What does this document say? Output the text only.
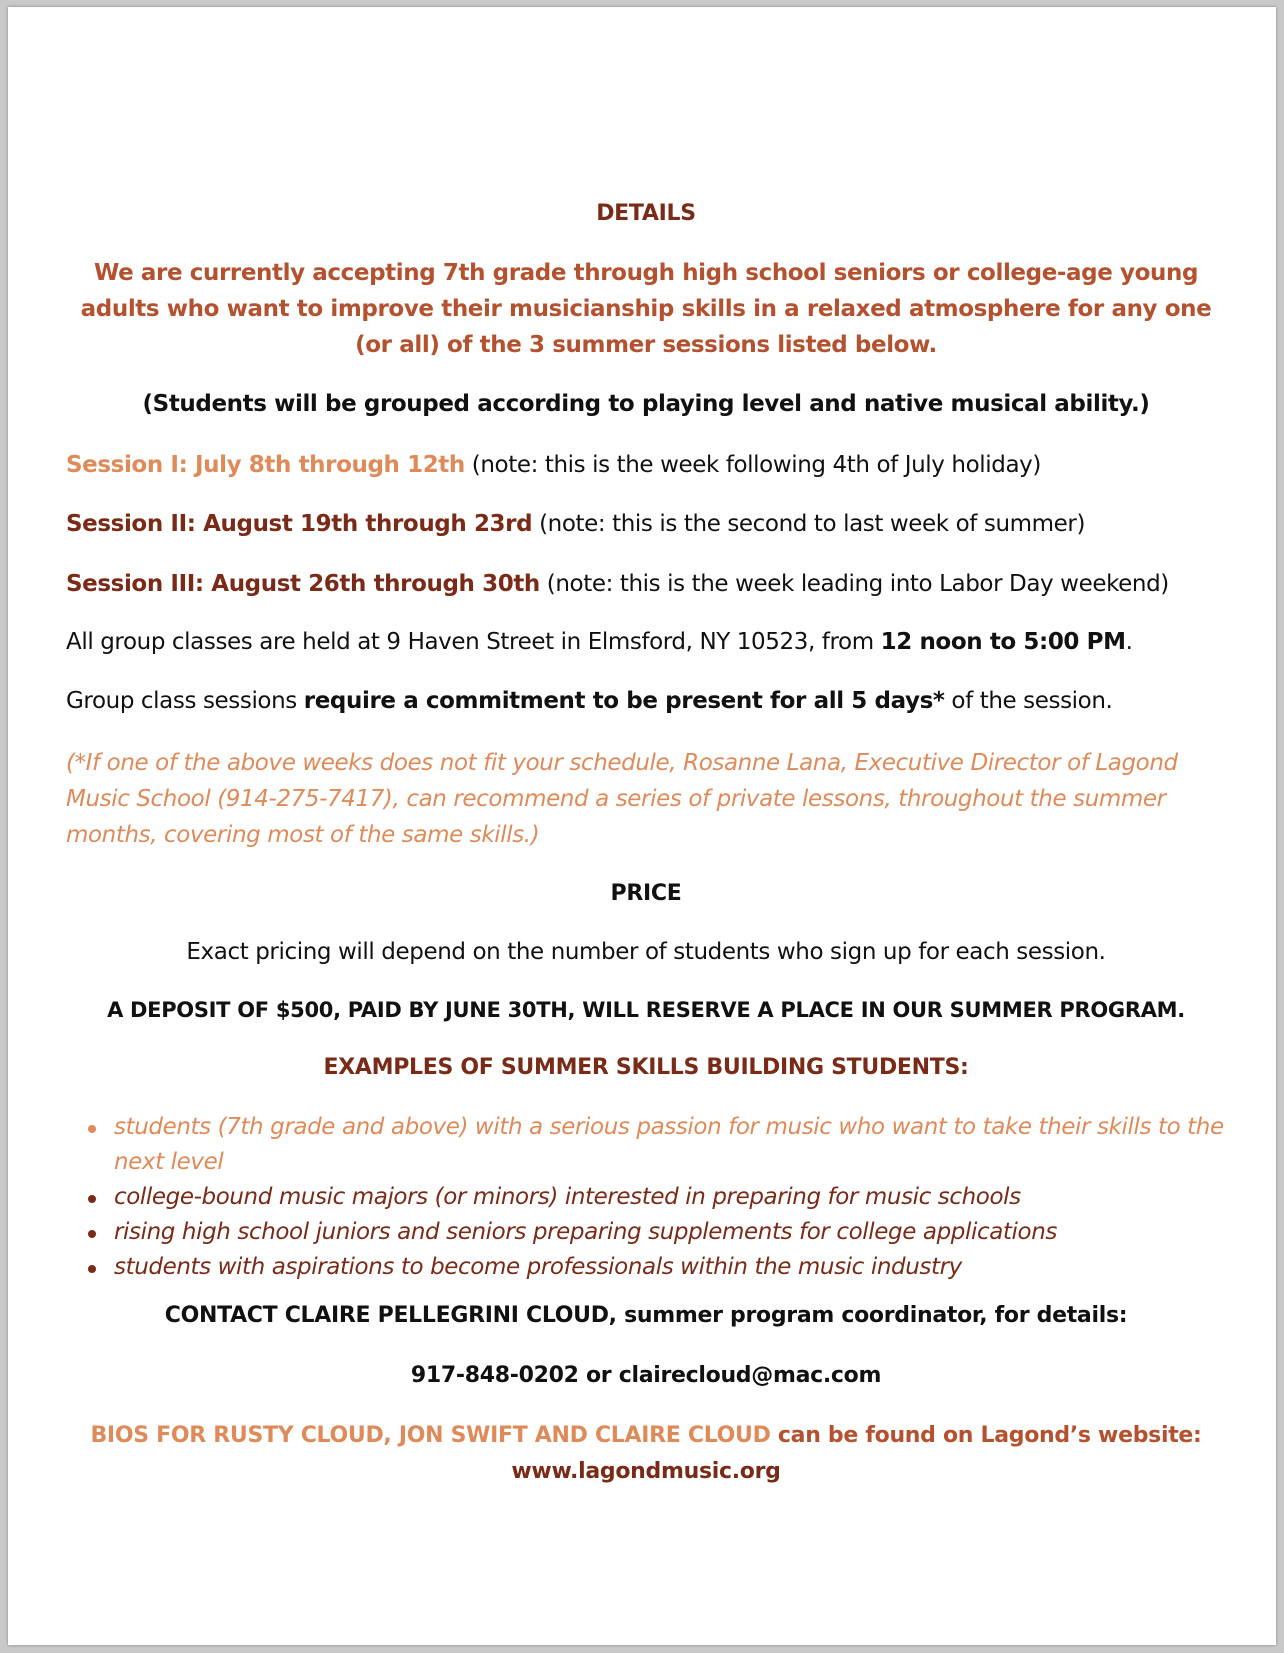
DETAILS

We are currently accepting 7th grade through high school seniors or college-age young adults who want to improve their musicianship skills in a relaxed atmosphere for any one (or all) of the 3 summer sessions listed below.

(Students will be grouped according to playing level and native musical ability.)

Session I: July 8th through 12th (note: this is the week following 4th of July holiday)

Session II: August 19th through 23rd (note: this is the second to last week of summer)

Session III: August 26th through 30th (note: this is the week leading into Labor Day weekend)

All group classes are held at 9 Haven Street in Elmsford, NY 10523, from 12 noon to 5:00 PM.

Group class sessions require a commitment to be present for all 5 days* of the session.

(*If one of the above weeks does not fit your schedule, Rosanne Lana, Executive Director of Lagond Music School (914-275-7417), can recommend a series of private lessons, throughout the summer months, covering most of the same skills.)

PRICE

Exact pricing will depend on the number of students who sign up for each session.

A DEPOSIT OF $500, PAID BY JUNE 30TH, WILL RESERVE A PLACE IN OUR SUMMER PROGRAM.

EXAMPLES OF SUMMER SKILLS BUILDING STUDENTS:

students (7th grade and above) with a serious passion for music who want to take their skills to the next level
college-bound music majors (or minors) interested in preparing for music schools
rising high school juniors and seniors preparing supplements for college applications
students with aspirations to become professionals within the music industry

CONTACT CLAIRE PELLEGRINI CLOUD, summer program coordinator, for details:

917-848-0202 or clairecloud@mac.com

BIOS FOR RUSTY CLOUD, JON SWIFT AND CLAIRE CLOUD can be found on Lagond’s website:
www.lagondmusic.org
